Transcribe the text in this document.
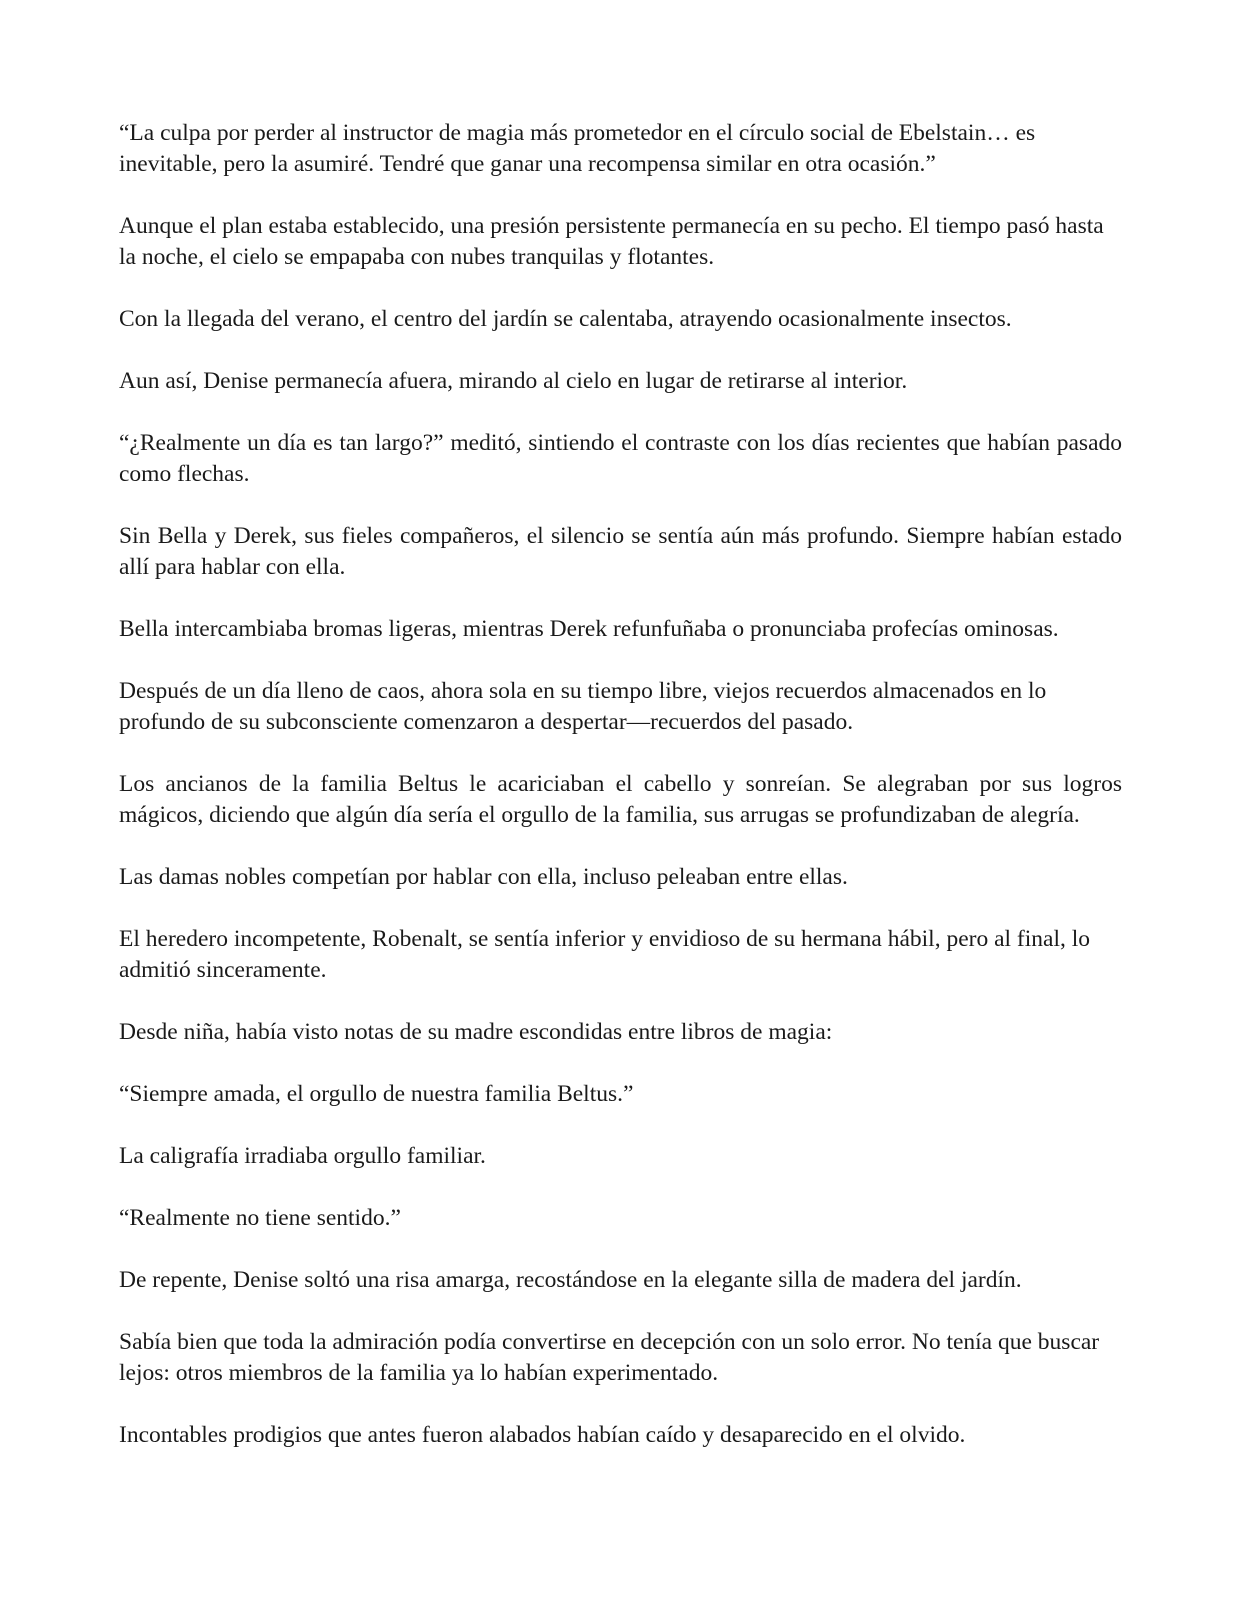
“La culpa por perder al instructor de magia más prometedor en el círculo social de Ebelstain… es inevitable, pero la asumiré. Tendré que ganar una recompensa similar en otra ocasión.”

Aunque el plan estaba establecido, una presión persistente permanecía en su pecho. El tiempo pasó hasta la noche, el cielo se empapaba con nubes tranquilas y flotantes.

Con la llegada del verano, el centro del jardín se calentaba, atrayendo ocasionalmente insectos.

Aun así, Denise permanecía afuera, mirando al cielo en lugar de retirarse al interior.

“¿Realmente un día es tan largo?” meditó, sintiendo el contraste con los días recientes que habían pasado como flechas.

Sin Bella y Derek, sus fieles compañeros, el silencio se sentía aún más profundo. Siempre habían estado allí para hablar con ella.

Bella intercambiaba bromas ligeras, mientras Derek refunfuñaba o pronunciaba profecías ominosas.

Después de un día lleno de caos, ahora sola en su tiempo libre, viejos recuerdos almacenados en lo profundo de su subconsciente comenzaron a despertar—recuerdos del pasado.

Los ancianos de la familia Beltus le acariciaban el cabello y sonreían. Se alegraban por sus logros mágicos, diciendo que algún día sería el orgullo de la familia, sus arrugas se profundizaban de alegría.

Las damas nobles competían por hablar con ella, incluso peleaban entre ellas.

El heredero incompetente, Robenalt, se sentía inferior y envidioso de su hermana hábil, pero al final, lo admitió sinceramente.

Desde niña, había visto notas de su madre escondidas entre libros de magia:

“Siempre amada, el orgullo de nuestra familia Beltus.”

La caligrafía irradiaba orgullo familiar.

“Realmente no tiene sentido.”

De repente, Denise soltó una risa amarga, recostándose en la elegante silla de madera del jardín.

Sabía bien que toda la admiración podía convertirse en decepción con un solo error. No tenía que buscar lejos: otros miembros de la familia ya lo habían experimentado.

Incontables prodigios que antes fueron alabados habían caído y desaparecido en el olvido.
